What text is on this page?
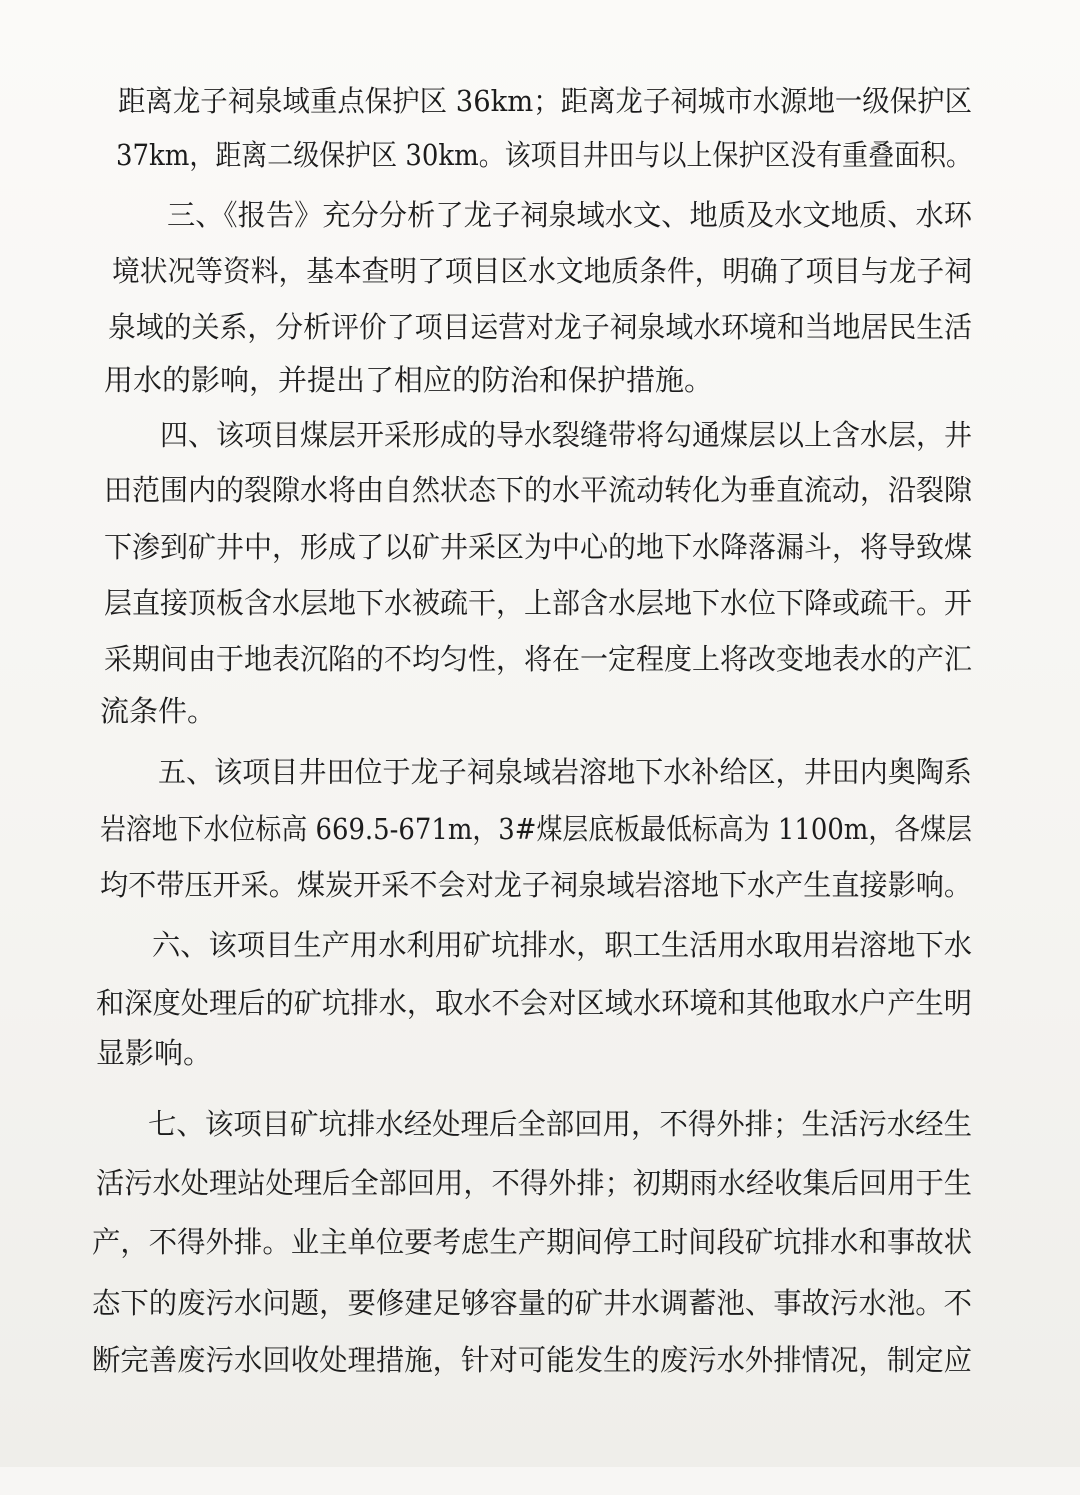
距离龙子祠泉域重点保护区 36km；距离龙子祠城市水源地一级保护区

37km，距离二级保护区 30km。该项目井田与以上保护区没有重叠面积。

三、《报告》充分分析了龙子祠泉域水文、地质及水文地质、水环

境状况等资料，基本查明了项目区水文地质条件，明确了项目与龙子祠

泉域的关系，分析评价了项目运营对龙子祠泉域水环境和当地居民生活

用水的影响，并提出了相应的防治和保护措施。

四、该项目煤层开采形成的导水裂缝带将勾通煤层以上含水层，井

田范围内的裂隙水将由自然状态下的水平流动转化为垂直流动，沿裂隙

下渗到矿井中，形成了以矿井采区为中心的地下水降落漏斗，将导致煤

层直接顶板含水层地下水被疏干，上部含水层地下水位下降或疏干。开

采期间由于地表沉陷的不均匀性，将在一定程度上将改变地表水的产汇

流条件。

五、该项目井田位于龙子祠泉域岩溶地下水补给区，井田内奥陶系

岩溶地下水位标高 669.5-671m，3#煤层底板最低标高为 1100m，各煤层

均不带压开采。煤炭开采不会对龙子祠泉域岩溶地下水产生直接影响。

六、该项目生产用水利用矿坑排水，职工生活用水取用岩溶地下水

和深度处理后的矿坑排水，取水不会对区域水环境和其他取水户产生明

显影响。

七、该项目矿坑排水经处理后全部回用，不得外排；生活污水经生

活污水处理站处理后全部回用，不得外排；初期雨水经收集后回用于生

产，不得外排。业主单位要考虑生产期间停工时间段矿坑排水和事故状

态下的废污水问题，要修建足够容量的矿井水调蓄池、事故污水池。不

断完善废污水回收处理措施，针对可能发生的废污水外排情况，制定应
